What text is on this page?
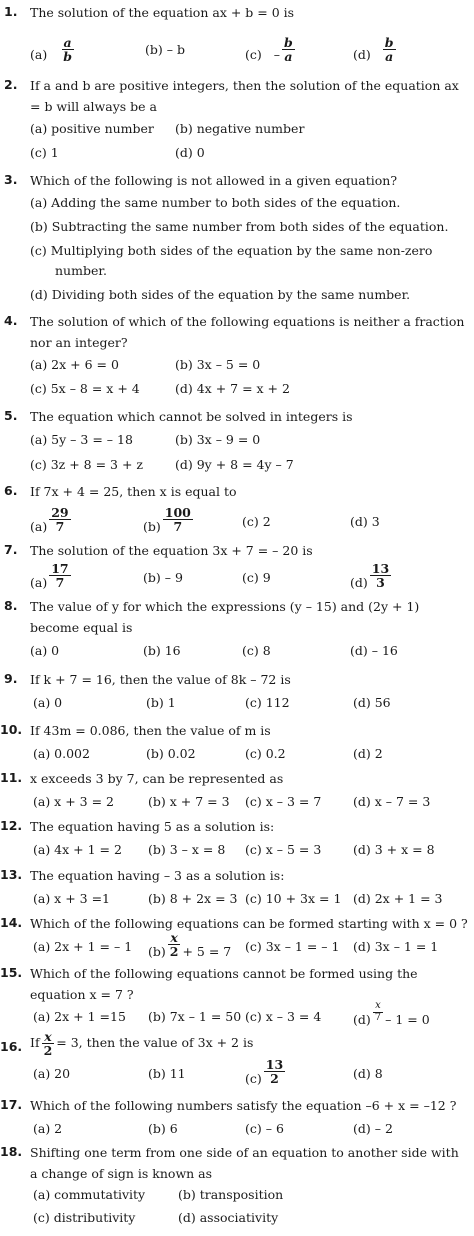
1. The solution of the equation ax + b = 0 is
$(a) \frac{a}{b}$	(b) – b	$(c) - \frac{b}{a}$	$(d) \frac{b}{a}$
2. If a and b are positive integers, then the solution of the equation ax = b will always be a
(a) positive number (b) negative number
(c) 1	(d) 0
3. Which of the following is not allowed in a given equation?
(a) Adding the same number to both sides of the equation.
(b) Subtracting the same number from both sides of the equation.
(c) Multiplying both sides of the equation by the same non-zero
number.
(d) Dividing both sides of the equation by the same number.
4. The solution of which of the following equations is neither a fraction nor an integer?
(a) 2x + 6 = 0	(b) 3x – 5 = 0
(c) 5x – 8 = x + 4	(d) 4x + 7 = x + 2
5. The equation which cannot be solved in integers is
(a) 5y – 3 = – 18	(b) 3x – 9 = 0
(c) 3z + 8 = 3 + z	(d) 9y + 8 = 4y – 7
6. If 7x + 4 = 25, then x is equal to
$(a) \frac{29}{7}$	$(b) \frac{100}{7}$	(c) 2	(d) 3
7. The solution of the equation 3x + 7 = – 20 is
$(a) \frac{17}{7}$	(b) – 9	(c) 9	$(d) \frac{13}{3}$
8. The value of y for which the expressions (y – 15) and (2y + 1) become equal is
(a) 0	(b) 16	(c) 8	(d) – 16
9. If k + 7 = 16, then the value of 8k – 72 is
(a) 0	(b) 1	(c) 112	(d) 56
10. If 43m = 0.086, then the value of m is
(a) 0.002	(b) 0.02	(c) 0.2	(d) 2
11. x exceeds 3 by 7, can be represented as
(a) x + 3 = 2	(b) x + 7 = 3 (c) x – 3 = 7	(d) x – 7 = 3
12. The equation having 5 as a solution is:
(a) 4x + 1 = 2 (b) 3 – x = 8 (c) x – 5 = 3	(d) 3 + x = 8
13. The equation having – 3 as a solution is:
(a) x + 3 =1	(b) 8 + 2x = 3 (c) 10 + 3x = 1 (d) 2x + 1 = 3
14. Which of the following equations can be formed starting with x = 0 ?
(a) 2x + 1 = – 1 $(b) \frac{x}{2} + 5 = 7$ (c) 3x – 1 = – 1 (d) 3x – 1 = 1
15. Which of the following equations cannot be formed using the equation x = 7 ?
(a) 2x + 1 =15 (b) 7x – 1 = 50 (c) x – 3 = 4	$(d) \frac{x}{7} - 1 = 0$
16. If $\frac{x}{2} = 3$, then the value of 3x + 2 is
(a) 20	(b) 11	$(c) \frac{13}{2}$	(d) 8
17. Which of the following numbers satisfy the equation –6 + x = –12 ?
(a) 2	(b) 6	(c) – 6	(d) – 2
18. Shifting one term from one side of an equation to another side with a change of sign is known as
(a) commutativity	(b) transposition
(c) distributivity	(d) associativity
